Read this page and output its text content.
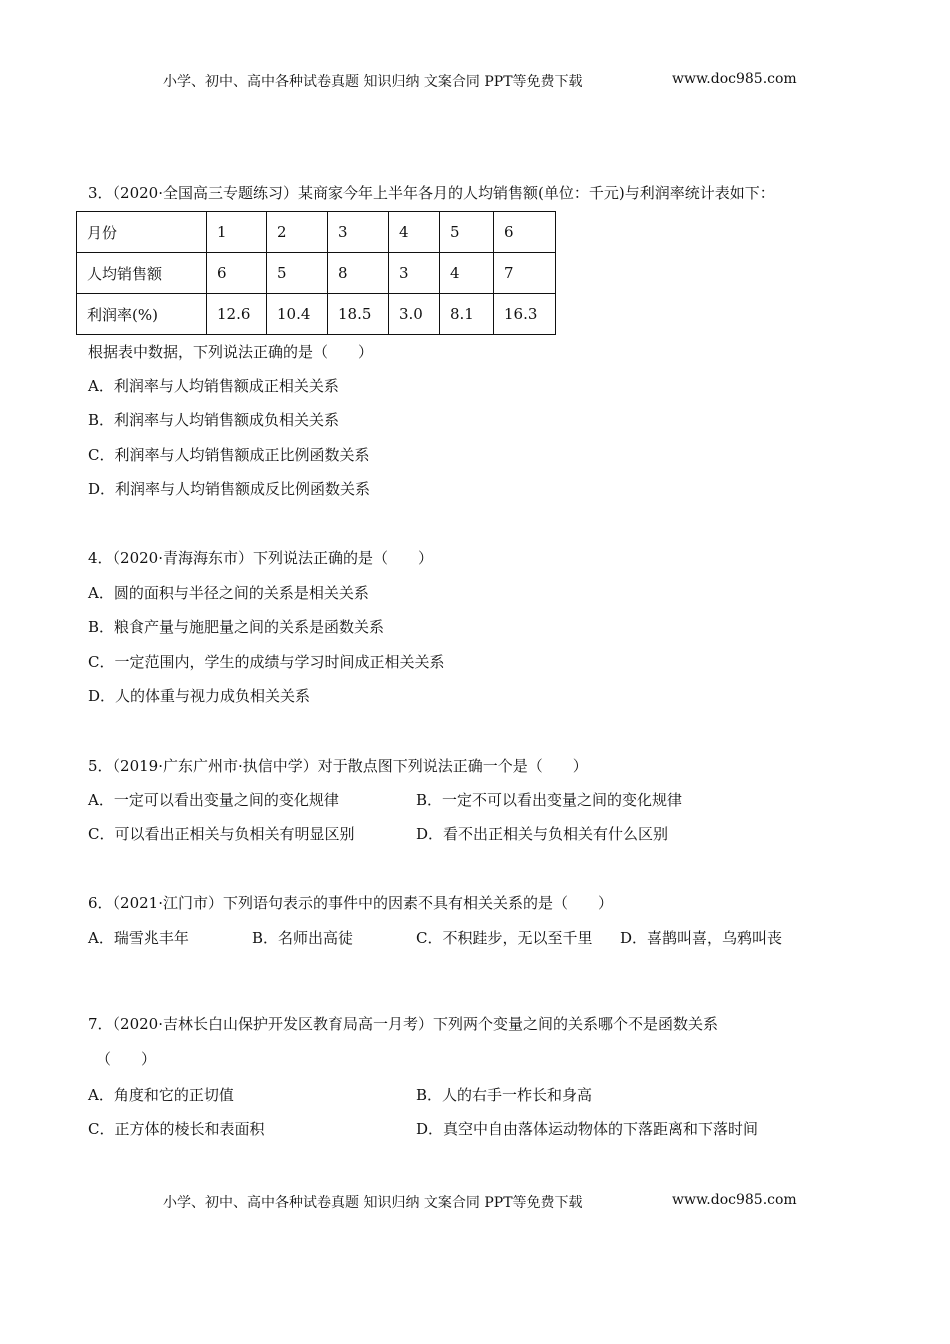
小学、初中、高中各种试卷真题 知识归纳 文案合同 PPT等免费下载	www.doc985.com
3．（2020·全国高三专题练习）某商家今年上半年各月的人均销售额(单位：千元)与利润率统计表如下：
月份	1	2	3	4	5	6
人均销售额	6	5	8	3	4	7
利润率(%)	12.6	10.4	18.5	3.0	8.1	16.3
根据表中数据，下列说法正确的是（　　）
A．利润率与人均销售额成正相关关系
B．利润率与人均销售额成负相关关系
C．利润率与人均销售额成正比例函数关系
D．利润率与人均销售额成反比例函数关系
4．（2020·青海海东市）下列说法正确的是（　　）
A．圆的面积与半径之间的关系是相关关系
B．粮食产量与施肥量之间的关系是函数关系
C．一定范围内，学生的成绩与学习时间成正相关关系
D．人的体重与视力成负相关关系
5．（2019·广东广州市·执信中学）对于散点图下列说法正确一个是（　　）
A．一定可以看出变量之间的变化规律	B．一定不可以看出变量之间的变化规律
C．可以看出正相关与负相关有明显区别	D．看不出正相关与负相关有什么区别
6．（2021·江门市）下列语句表示的事件中的因素不具有相关关系的是（　　）
A．瑞雪兆丰年	B．名师出高徒	C．不积跬步，无以至千里 D．喜鹊叫喜，乌鸦叫丧
7．（2020·吉林长白山保护开发区教育局高一月考）下列两个变量之间的关系哪个不是函数关系
（　　）
A．角度和它的正切值	B．人的右手一柞长和身高
C．正方体的棱长和表面积	D．真空中自由落体运动物体的下落距离和下落时间
小学、初中、高中各种试卷真题 知识归纳 文案合同 PPT等免费下载	www.doc985.com
